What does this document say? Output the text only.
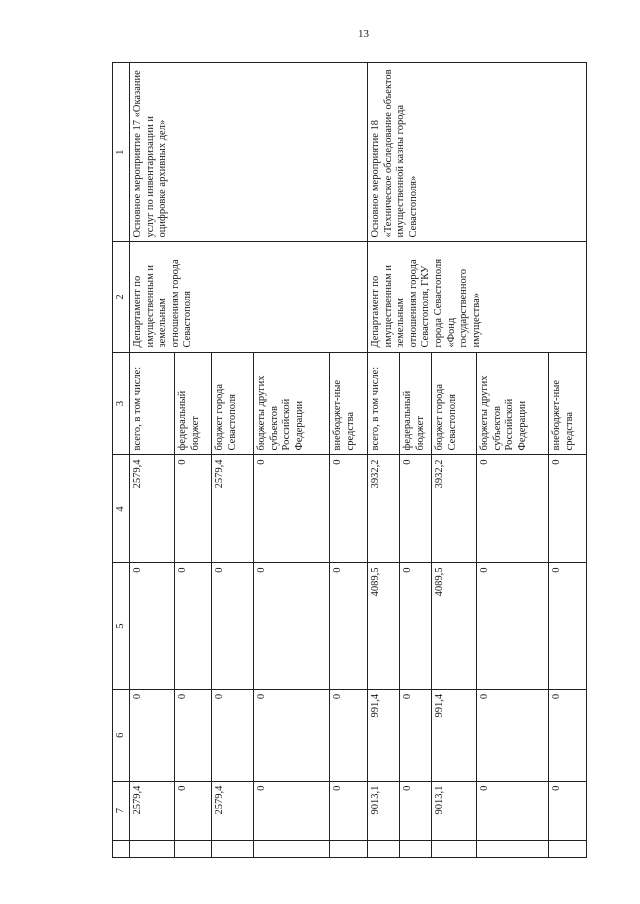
13
	7	6	5	4	3	2	1
	2579,4	0	0	2579,4	всего, в том числе:	Департамент по имущественным и земельным отношениям города Севастополя	Основное мероприятие 17 «Оказание услуг по инвентаризации и оцифровке архивных дел»
	0	0	0	0	федеральный бюджет		
	2579,4	0	0	2579,4	бюджет города Севастополя		
	0	0	0	0	бюджеты других субъектов Российской Федерации		
	0	0	0	0	внебюджет-ные средства		
	9013,1	991,4	4089,5	3932,2	всего, в том числе:	Департамент по имущественным и земельным отношениям города Севастополя, ГКУ города Севастополя «Фонд государственного имущества»	Основное мероприятие 18 «Техническое обследование объектов имущественной казны города Севастополя»
	0	0	0	0	федеральный бюджет		
	9013,1	991,4	4089,5	3932,2	бюджет города Севастополя		
	0	0	0	0	бюджеты других субъектов Российской Федерации		
	0	0	0	0	внебюджет-ные средства		
